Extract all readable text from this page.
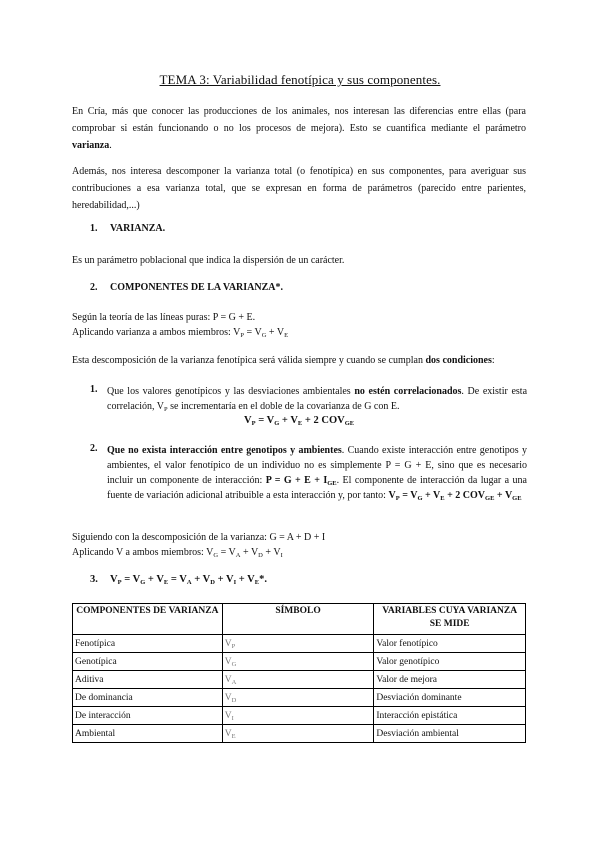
TEMA 3: Variabilidad fenotípica y sus componentes.
En Cría, más que conocer las producciones de los animales, nos interesan las diferencias entre ellas (para comprobar si están funcionando o no los procesos de mejora). Esto se cuantifica mediante el parámetro varianza.
Además, nos interesa descomponer la varianza total (o fenotípica) en sus componentes, para averiguar sus contribuciones a esa varianza total, que se expresan en forma de parámetros (parecido entre parientes, heredabilidad,...)
1. VARIANZA.
Es un parámetro poblacional que indica la dispersión de un carácter.
2. COMPONENTES DE LA VARIANZA*.
Según la teoría de las líneas puras: P = G + E.
Aplicando varianza a ambos miembros: $V_P = V_G + V_E$
Esta descomposición de la varianza fenotípica será válida siempre y cuando se cumplan dos condiciones:
1. Que los valores genotípicos y las desviaciones ambientales no estén correlacionados. De existir esta correlación, $V_P$ se incrementaría en el doble de la covarianza de G con E.
$V_P = V_G + V_E + 2$ $COV_{GE}$
2. Que no exista interacción entre genotipos y ambientes. Cuando existe interacción entre genotipos y ambientes, el valor fenotípico de un individuo no es simplemente P = G + E, sino que es necesario incluir un componente de interacción: $P = G + E + I_{GE}$. El componente de interacción da lugar a una fuente de variación adicional atribuible a esta interacción y, por tanto: $V_P = V_G + V_E + 2$ $COV_{GE} + V_{GE}$
Siguiendo con la descomposición de la varianza: G = A + D + I
Aplicando V a ambos miembros: $V_G = V_A + V_D + V_I$
3. $V_P = V_G + V_E = V_A + V_D + V_I + V_E*$.
COMPONENTES DE VARIANZA	SÍMBOLO	VARIABLES CUYA VARIANZA SE MIDE
Fenotípica	$V_P$	Valor fenotípico
Genotípica	$V_G$	Valor genotípico
Aditiva	$V_A$	Valor de mejora
De dominancia	$V_D$	Desviación dominante
De interacción	$V_I$	Interacción epistática
Ambiental	$V_E$	Desviación ambiental
